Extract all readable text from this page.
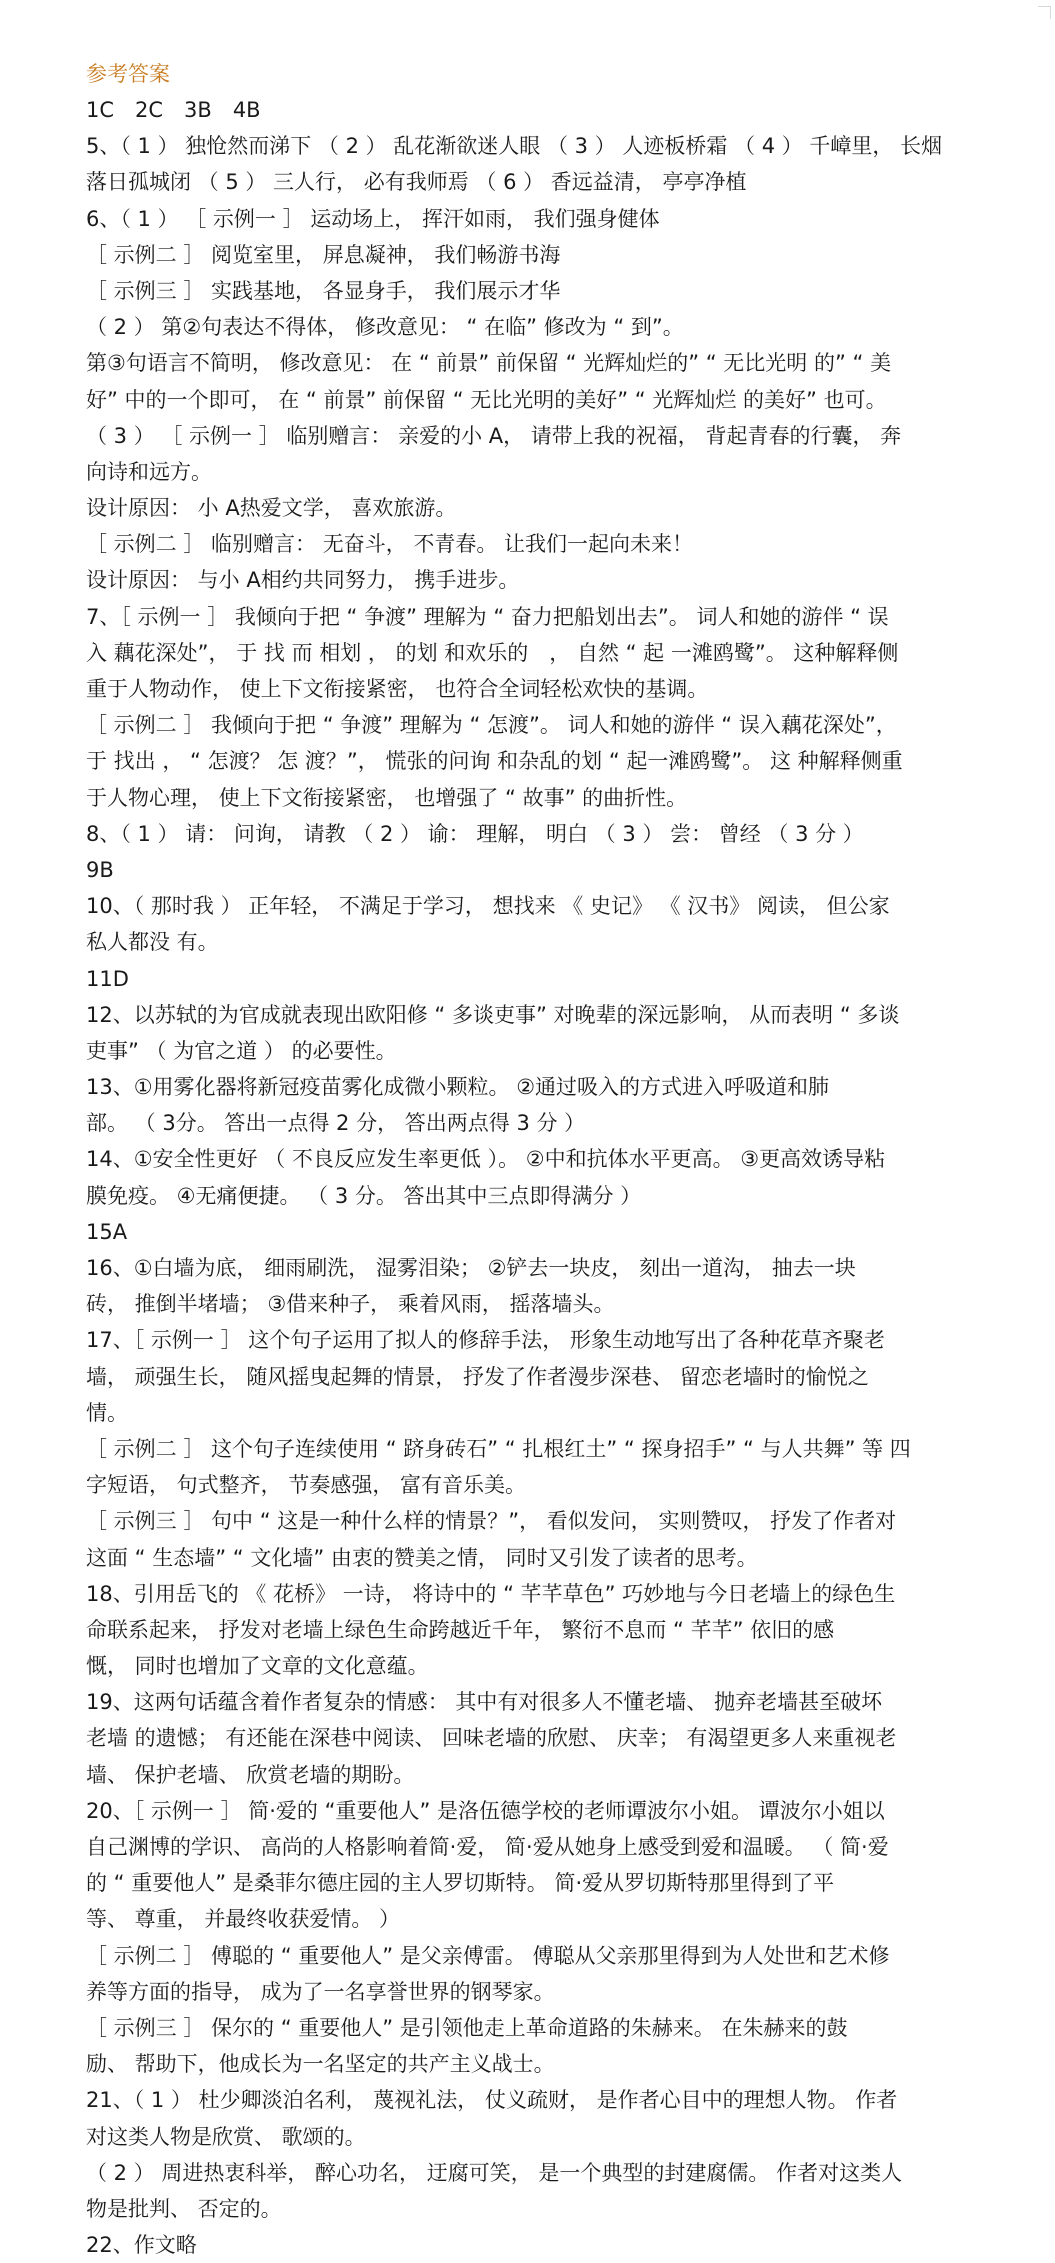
参考答案
1C　2C　3B　4B
5、（ 1 ） 独怆然而涕下 （ 2 ） 乱花渐欲迷人眼 （ 3 ） 人迹板桥霜 （ 4 ） 千嶂里， 长烟
落日孤城闭 （ 5 ） 三人行， 必有我师焉 （ 6 ） 香远益清， 亭亭净植
6、（ 1 ） ［ 示例一 ］ 运动场上， 挥汗如雨， 我们强身健体
［ 示例二 ］ 阅览室里， 屏息凝神， 我们畅游书海
［ 示例三 ］ 实践基地， 各显身手， 我们展示才华
（ 2 ） 第②句表达不得体， 修改意见： “ 在临” 修改为 “ 到”。
第③句语言不简明， 修改意见： 在 “ 前景” 前保留 “ 光辉灿烂的” “ 无比光明 的” “ 美
好” 中的一个即可， 在 “ 前景” 前保留 “ 无比光明的美好” “ 光辉灿烂 的美好” 也可。
（ 3 ） ［ 示例一 ］ 临别赠言： 亲爱的小 A， 请带上我的祝福， 背起青春的行囊， 奔
向诗和远方。
设计原因： 小 A热爱文学， 喜欢旅游。
［ 示例二 ］ 临别赠言： 无奋斗， 不青春。 让我们一起向未来！
设计原因： 与小 A相约共同努力， 携手进步。
7、［ 示例一 ］ 我倾向于把 “ 争渡” 理解为 “ 奋力把船划出去”。 词人和她的游伴 “ 误
入 藕花深处”， 于 找 而 相划 ， 的划 和欢乐的　， 自然 “ 起 一滩鸥鹭”。 这种解释侧
重于人物动作， 使上下文衔接紧密， 也符合全词轻松欢快的基调。
［ 示例二 ］ 我倾向于把 “ 争渡” 理解为 “ 怎渡”。 词人和她的游伴 “ 误入藕花深处”，
于 找出 ， “ 怎渡？ 怎 渡？”， 慌张的问询 和杂乱的划 “ 起一滩鸥鹭”。 这 种解释侧重
于人物心理， 使上下文衔接紧密， 也增强了 “ 故事” 的曲折性。
8、（ 1 ） 请： 问询， 请教 （ 2 ） 谕： 理解， 明白 （ 3 ） 尝： 曾经 （ 3 分 ）
9B
10、（ 那时我 ） 正年轻， 不满足于学习， 想找来 《 史记》 《 汉书》 阅读， 但公家
私人都没 有。
11D
12、以苏轼的为官成就表现出欧阳修 “ 多谈吏事” 对晚辈的深远影响， 从而表明 “ 多谈
吏事” （ 为官之道 ） 的必要性。
13、①用雾化器将新冠疫苗雾化成微小颗粒。 ②通过吸入的方式进入呼吸道和肺
部。 （ 3分。 答出一点得 2 分， 答出两点得 3 分 ）
14、①安全性更好 （ 不良反应发生率更低 ）。 ②中和抗体水平更高。 ③更高效诱导粘
膜免疫。 ④无痛便捷。 （ 3 分。 答出其中三点即得满分 ）
15A
16、①白墙为底， 细雨刷洗， 湿雾泪染； ②铲去一块皮， 刻出一道沟， 抽去一块
砖， 推倒半堵墙； ③借来种子， 乘着风雨， 摇落墙头。
17、［ 示例一 ］ 这个句子运用了拟人的修辞手法， 形象生动地写出了各种花草齐聚老
墙， 顽强生长， 随风摇曳起舞的情景， 抒发了作者漫步深巷、 留恋老墙时的愉悦之
情。
［ 示例二 ］ 这个句子连续使用 “ 跻身砖石” “ 扎根红土” “ 探身招手” “ 与人共舞” 等 四
字短语， 句式整齐， 节奏感强， 富有音乐美。
［ 示例三 ］ 句中 “ 这是一种什么样的情景？”， 看似发问， 实则赞叹， 抒发了作者对
这面 “ 生态墙” “ 文化墙” 由衷的赞美之情， 同时又引发了读者的思考。
18、引用岳飞的 《 花桥》 一诗， 将诗中的 “ 芊芊草色” 巧妙地与今日老墙上的绿色生
命联系起来， 抒发对老墙上绿色生命跨越近千年， 繁衍不息而 “ 芊芊” 依旧的感
慨， 同时也增加了文章的文化意蕴。
19、这两句话蕴含着作者复杂的情感： 其中有对很多人不懂老墙、 抛弃老墙甚至破坏
老墙 的遗憾； 有还能在深巷中阅读、 回味老墙的欣慰、 庆幸； 有渴望更多人来重视老
墙、 保护老墙、 欣赏老墙的期盼。
20、［ 示例一 ］ 简·爱的 “重要他人” 是洛伍德学校的老师谭波尔小姐。 谭波尔小姐以
自己渊博的学识、 高尚的人格影响着简·爱， 简·爱从她身上感受到爱和温暖。 （ 简·爱
的 “ 重要他人” 是桑菲尔德庄园的主人罗切斯特。 简·爱从罗切斯特那里得到了平
等、 尊重， 并最终收获爱情。 ）
［ 示例二 ］ 傅聪的 “ 重要他人” 是父亲傅雷。 傅聪从父亲那里得到为人处世和艺术修
养等方面的指导， 成为了一名享誉世界的钢琴家。
［ 示例三 ］ 保尔的 “ 重要他人” 是引领他走上革命道路的朱赫来。 在朱赫来的鼓
励、 帮助下，他成长为一名坚定的共产主义战士。
21、（ 1 ） 杜少卿淡泊名利， 蔑视礼法， 仗义疏财， 是作者心目中的理想人物。 作者
对这类人物是欣赏、 歌颂的。
（ 2 ） 周进热衷科举， 醉心功名， 迂腐可笑， 是一个典型的封建腐儒。 作者对这类人
物是批判、 否定的。
22、作文略
